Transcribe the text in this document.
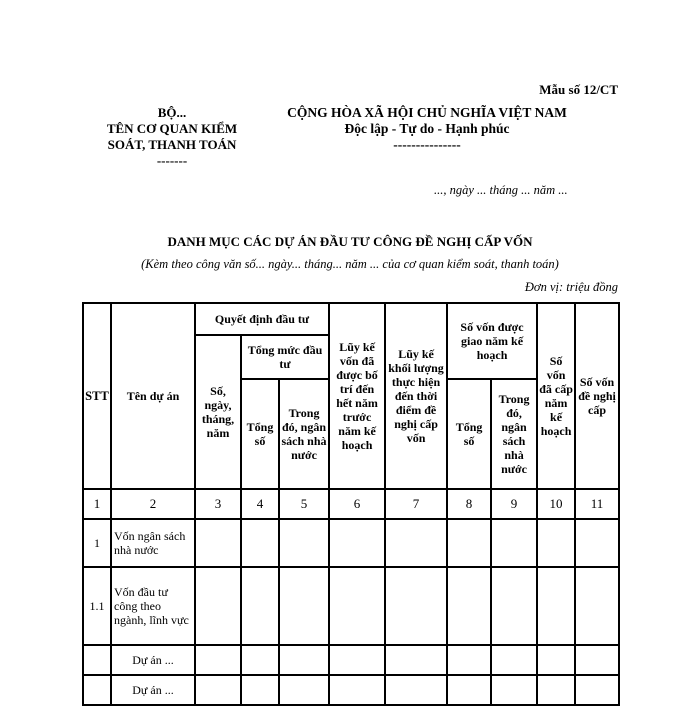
Mẫu số 12/CT
BỘ...
TÊN CƠ QUAN KIỂM SOÁT, THANH TOÁN
-------
CỘNG HÒA XÃ HỘI CHỦ NGHĨA VIỆT NAM
Độc lập - Tự do - Hạnh phúc
---------------
..., ngày ... tháng ... năm ...
DANH MỤC CÁC DỰ ÁN ĐẦU TƯ CÔNG ĐỀ NGHỊ CẤP VỐN
(Kèm theo công văn số... ngày... tháng... năm ... của cơ quan kiểm soát, thanh toán)
Đơn vị: triệu đồng
STT	Tên dự án	Quyết định đầu tư			Lũy kế vốn đã được bố trí đến hết năm trước năm kế hoạch	Lũy kế khối lượng thực hiện đến thời điểm đề nghị cấp vốn	Số vốn được giao năm kế hoạch		Số vốn đã cấp năm kế hoạch	Số vốn đề nghị cấp
		Số, ngày, tháng, năm	Tổng mức đầu tư							
			Tổng số	Trong đó, ngân sách nhà nước			Tổng số	Trong đó, ngân sách nhà nước		
1	2	3	4	5	6	7	8	9	10	11
1	Vốn ngân sách nhà nước									
1.1	Vốn đầu tư công theo ngành, lĩnh vực									
	Dự án ...									
	Dự án ...									
